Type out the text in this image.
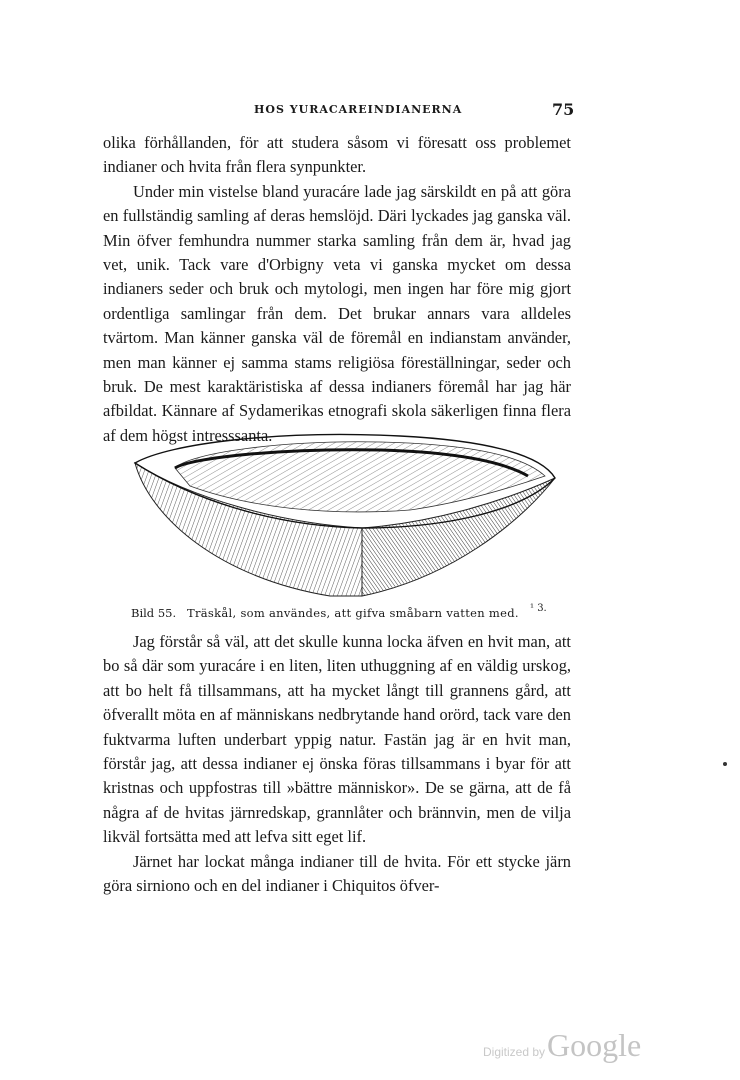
HOS YURACAREINDIANERNA	75

olika förhållanden, för att studera såsom vi föresatt oss problemet indianer och hvita från flera synpunkter.

Under min vistelse bland yuracáre lade jag särskildt en på att göra en fullständig samling af deras hemslöjd. Däri lyckades jag ganska väl. Min öfver femhundra nummer starka samling från dem är, hvad jag vet, unik. Tack vare d'Orbigny veta vi ganska mycket om dessa indianers seder och bruk och mytologi, men ingen har före mig gjort ordentliga samlingar från dem. Det brukar annars vara alldeles tvärtom. Man känner ganska väl de föremål en indianstam använder, men man känner ej samma stams religiösa föreställningar, seder och bruk. De mest karaktäristiska af dessa indianers föremål har jag här afbildat. Kännare af Sydamerikas etnografi skola säkerligen finna flera af dem högst intresssanta.

Bild 55. Träskål, som användes, att gifva småbarn vatten med. ¹ 3.

Jag förstår så väl, att det skulle kunna locka äfven en hvit man, att bo så där som yuracáre i en liten, liten uthuggning af en väldig urskog, att bo helt få tillsammans, att ha mycket långt till grannens gård, att öfverallt möta en af människans nedbrytande hand orörd, tack vare den fuktvarma luften underbart yppig natur. Fastän jag är en hvit man, förstår jag, att dessa indianer ej önska föras tillsammans i byar för att kristnas och uppfostras till »bättre människor». De se gärna, att de få några af de hvitas järnredskap, grannlåter och brännvin, men de vilja likväl fortsätta med att lefva sitt eget lif.

Järnet har lockat många indianer till de hvita. För ett stycke järn göra sirniono och en del indianer i Chiquitos öfver-

Digitized by Google
